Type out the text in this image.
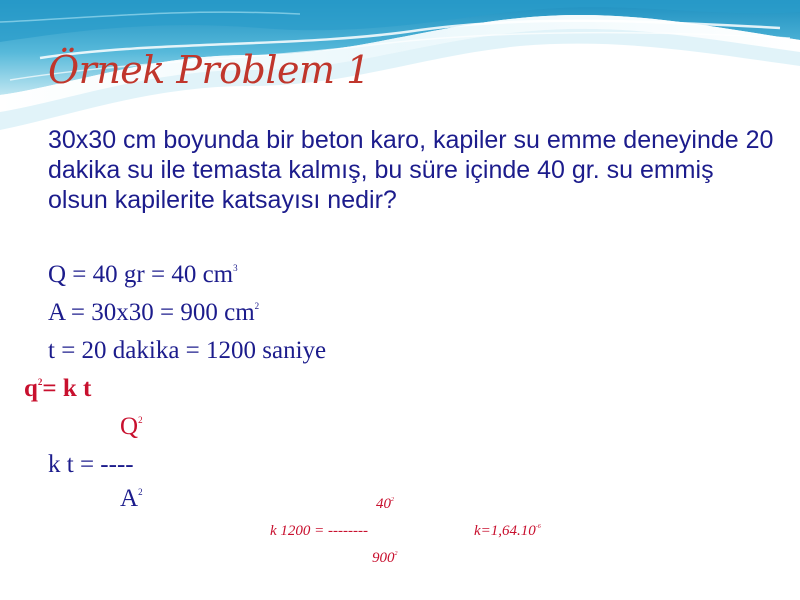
Örnek Problem 1

30x30 cm boyunda bir beton karo, kapiler su emme deneyinde 20 dakika su ile temasta kalmış, bu süre içinde 40 gr. su emmiş olsun kapilerite katsayısı nedir?

Q = 40 gr = 40 $cm^3$
A = 30x30 = 900 $cm^2$
t = 20 dakika = 1200 saniye
$q^2= k$ t
$Q^2$
k t = ----
$A^2$
$40^2$
k 1200 = --------	$k=1,64.10^{-6}$
$900^2$
